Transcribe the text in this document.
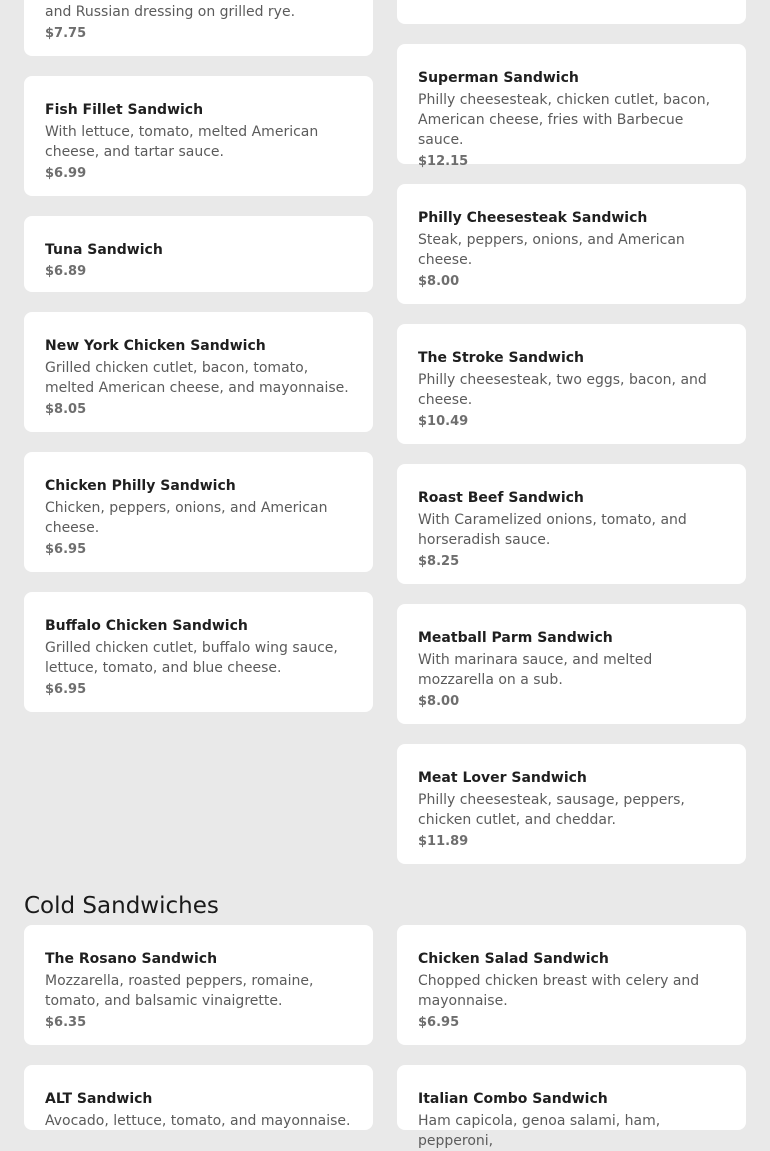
and Russian dressing on grilled rye.
$7.75
Fish Fillet Sandwich
With lettuce, tomato, melted American cheese, and tartar sauce.
$6.99
Tuna Sandwich
$6.89
New York Chicken Sandwich
Grilled chicken cutlet, bacon, tomato, melted American cheese, and mayonnaise.
$8.05
Chicken Philly Sandwich
Chicken, peppers, onions, and American cheese.
$6.95
Buffalo Chicken Sandwich
Grilled chicken cutlet, buffalo wing sauce, lettuce, tomato, and blue cheese.
$6.95
Superman Sandwich
Philly cheesesteak, chicken cutlet, bacon, American cheese, fries with Barbecue sauce.
$12.15
Philly Cheesesteak Sandwich
Steak, peppers, onions, and American cheese.
$8.00
The Stroke Sandwich
Philly cheesesteak, two eggs, bacon, and cheese.
$10.49
Roast Beef Sandwich
With Caramelized onions, tomato, and horseradish sauce.
$8.25
Meatball Parm Sandwich
With marinara sauce, and melted mozzarella on a sub.
$8.00
Meat Lover Sandwich
Philly cheesesteak, sausage, peppers, chicken cutlet, and cheddar.
$11.89
Cold Sandwiches
The Rosano Sandwich
Mozzarella, roasted peppers, romaine, tomato, and balsamic vinaigrette.
$6.35
ALT Sandwich
Avocado, lettuce, tomato, and mayonnaise.
Chicken Salad Sandwich
Chopped chicken breast with celery and mayonnaise.
$6.95
Italian Combo Sandwich
Ham capicola, genoa salami, ham, pepperoni,
